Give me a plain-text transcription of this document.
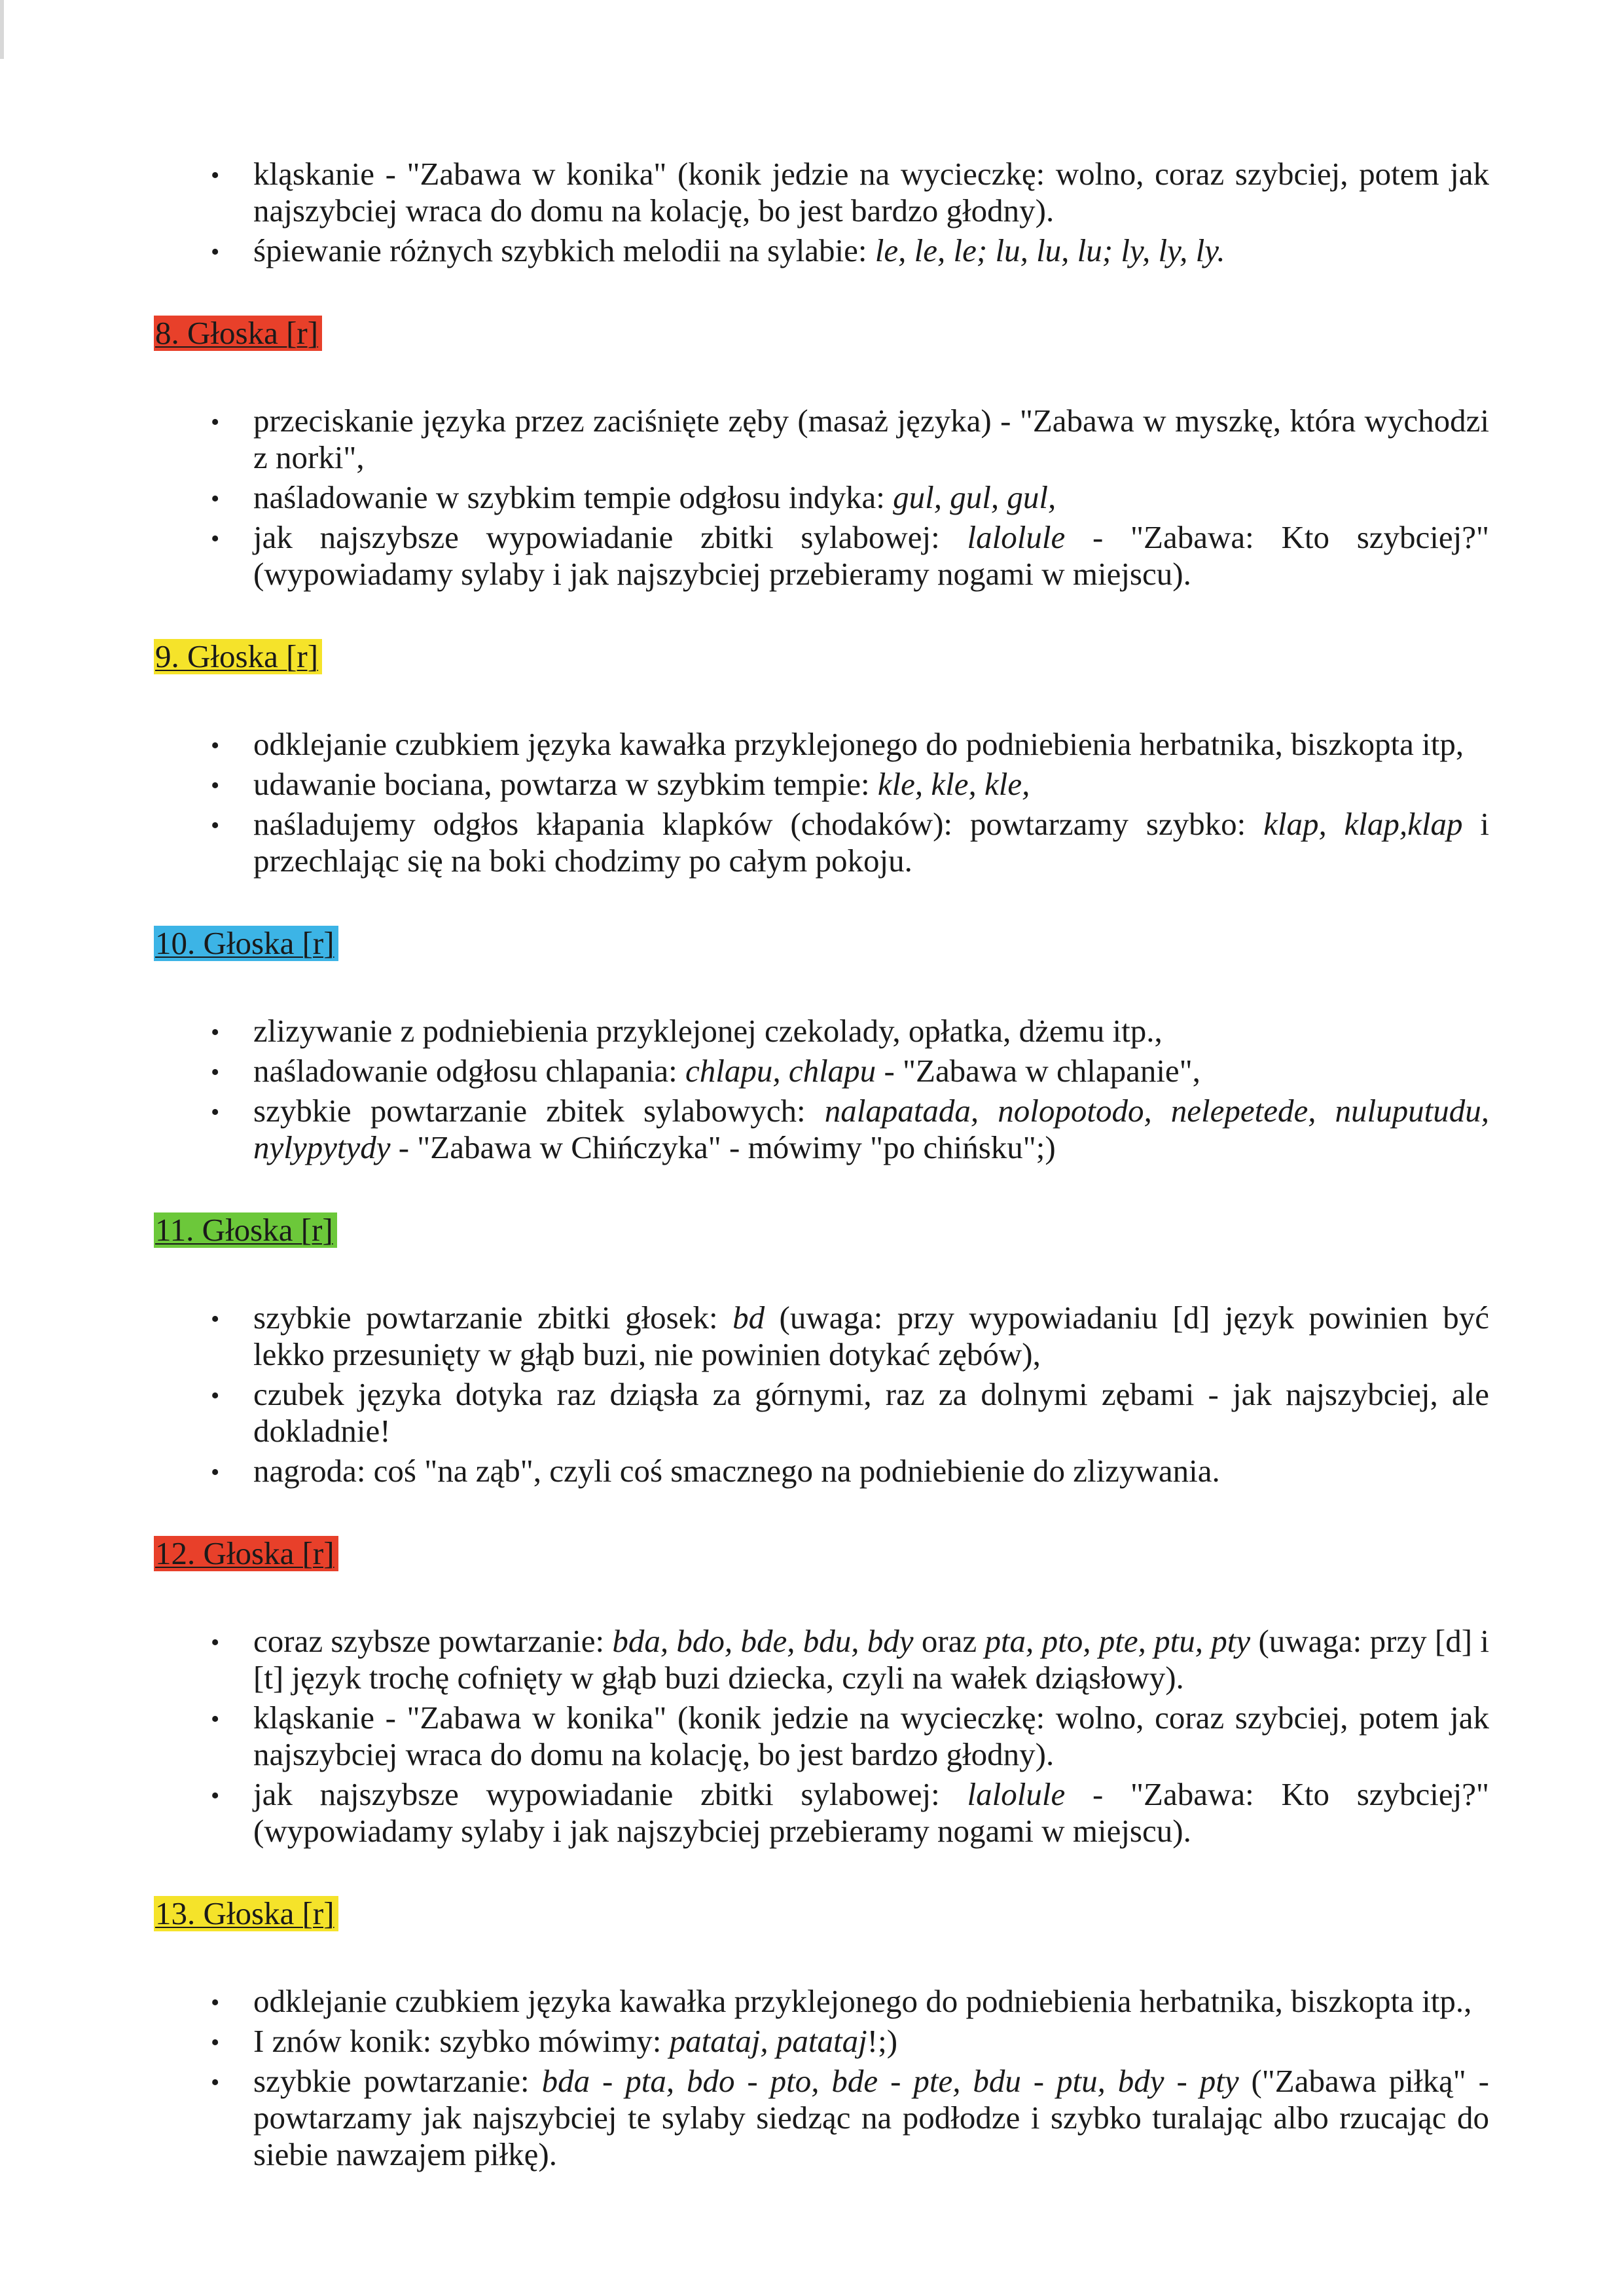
• kląskanie - "Zabawa w konika" (konik jedzie na wycieczkę: wolno, coraz szybciej, potem jak najszybciej wraca do domu na kolację, bo jest bardzo głodny).
• śpiewanie różnych szybkich melodii na sylabie: le, le, le; lu, lu, lu; ly, ly, ly.
8. Głoska [r]
• przeciskanie języka przez zaciśnięte zęby (masaż języka) - "Zabawa w myszkę, która wychodzi z norki",
• naśladowanie w szybkim tempie odgłosu indyka: gul, gul, gul,
• jak najszybsze wypowiadanie zbitki sylabowej: lalolule - "Zabawa: Kto szybciej?" (wypowiadamy sylaby i jak najszybciej przebieramy nogami w miejscu).
9. Głoska [r]
• odklejanie czubkiem języka kawałka przyklejonego do podniebienia herbatnika, biszkopta itp,
• udawanie bociana, powtarza w szybkim tempie: kle, kle, kle,
• naśladujemy odgłos kłapania klapków (chodaków): powtarzamy szybko: klap, klap,klap i przechlając się na boki chodzimy po całym pokoju.
10. Głoska [r]
• zlizywanie z podniebienia przyklejonej czekolady, opłatka, dżemu itp.,
• naśladowanie odgłosu chlapania: chlapu, chlapu - "Zabawa w chlapanie",
• szybkie powtarzanie zbitek sylabowych: nalapatada, nolopotodo, nelepetede, nuluputudu, nylypytydy - "Zabawa w Chińczyka" - mówimy "po chińsku";)
11. Głoska [r]
• szybkie powtarzanie zbitki głosek: bd (uwaga: przy wypowiadaniu [d] język powinien być lekko przesunięty w głąb buzi, nie powinien dotykać zębów),
• czubek języka dotyka raz dziąsła za górnymi, raz za dolnymi zębami - jak najszybciej, ale dokladnie!
• nagroda: coś "na ząb", czyli coś smacznego na podniebienie do zlizywania.
12. Głoska [r]
• coraz szybsze powtarzanie: bda, bdo, bde, bdu, bdy oraz pta, pto, pte, ptu, pty (uwaga: przy [d] i [t] język trochę cofnięty w głąb buzi dziecka, czyli na wałek dziąsłowy).
• kląskanie - "Zabawa w konika" (konik jedzie na wycieczkę: wolno, coraz szybciej, potem jak najszybciej wraca do domu na kolację, bo jest bardzo głodny).
• jak najszybsze wypowiadanie zbitki sylabowej: lalolule - "Zabawa: Kto szybciej?" (wypowiadamy sylaby i jak najszybciej przebieramy nogami w miejscu).
13. Głoska [r]
• odklejanie czubkiem języka kawałka przyklejonego do podniebienia herbatnika, biszkopta itp.,
• I znów konik: szybko mówimy: patataj, patataj!;)
• szybkie powtarzanie: bda - pta, bdo - pto, bde - pte, bdu - ptu, bdy - pty ("Zabawa piłką" - powtarzamy jak najszybciej te sylaby siedząc na podłodze i szybko turalając albo rzucając do siebie nawzajem piłkę).
